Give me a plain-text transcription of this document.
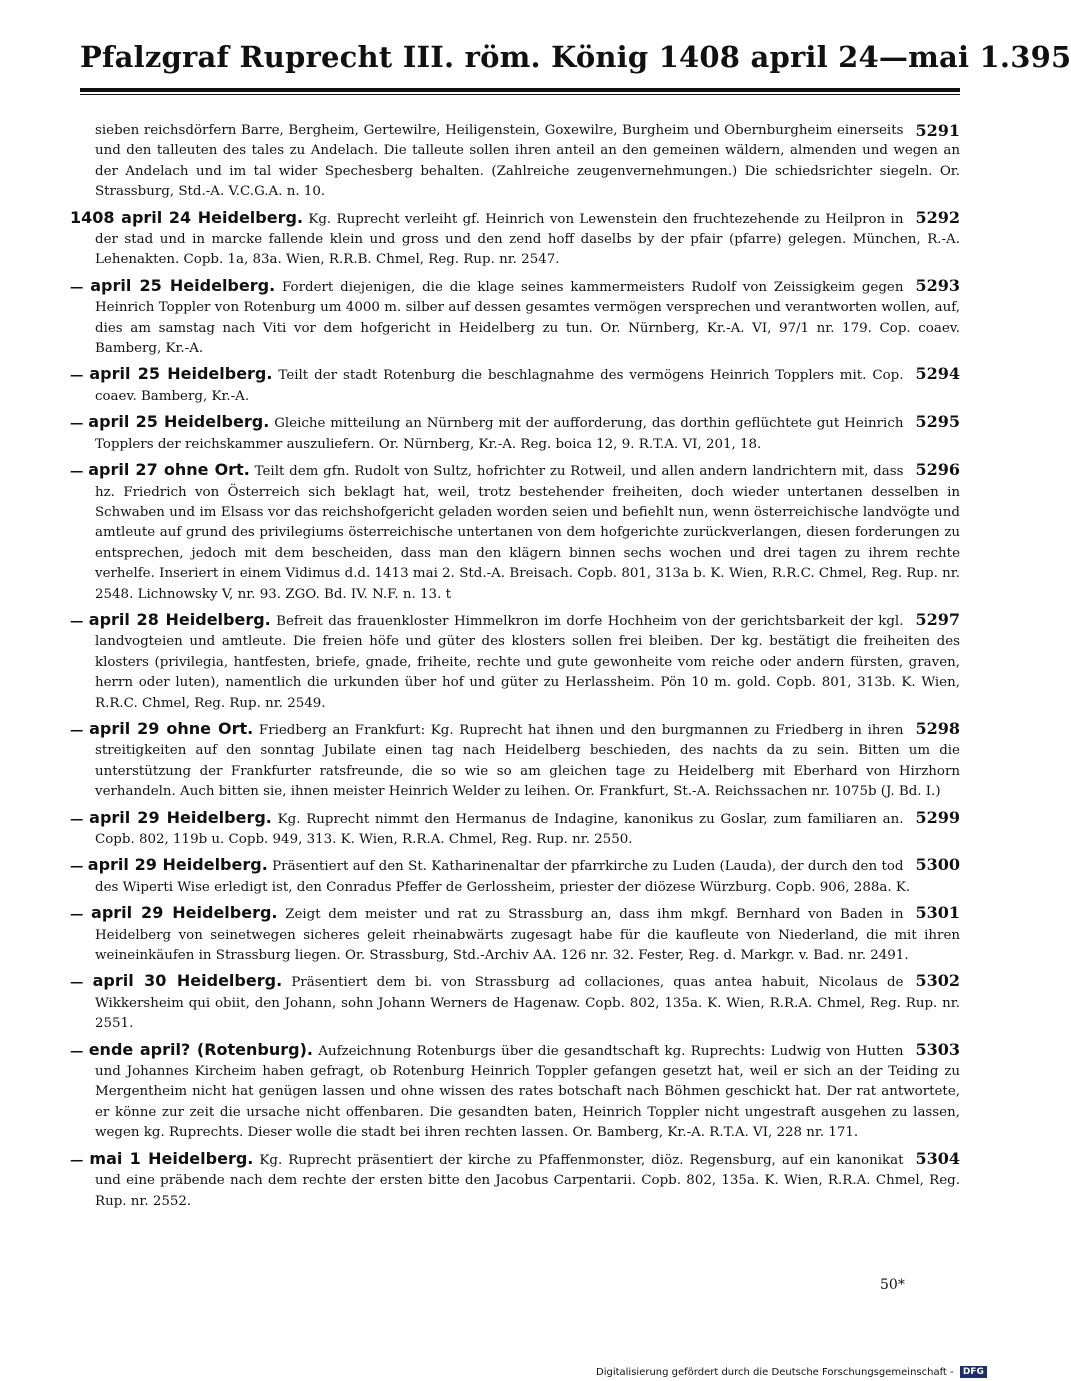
Pfalzgraf Ruprecht III. röm. König 1408 april 24—mai 1. 395
5291
sieben reichsdörfern Barre, Bergheim, Gertewilre, Heiligenstein, Goxewilre, Burgheim und Obernburgheim einerseits und den talleuten des tales zu Andelach. Die talleute sollen ihren anteil an den gemeinen wäldern, almenden und wegen an der Andelach und im tal wider Spechesberg behalten. (Zahlreiche zeugenvernehmungen.) Die schiedsrichter siegeln. Or. Strassburg, Std.-A. V.C.G.A. n. 10.
5292
1408 april 24 Heidelberg. Kg. Ruprecht verleiht gf. Heinrich von Lewenstein den fruchtezehende zu Heilpron in der stad und in marcke fallende klein und gross und den zend hoff daselbs by der pfair (pfarre) gelegen. München, R.-A. Lehenakten. Copb. 1a, 83a. Wien, R.R.B. Chmel, Reg. Rup. nr. 2547.
5293
— april 25 Heidelberg. Fordert diejenigen, die die klage seines kammermeisters Rudolf von Zeissigkeim gegen Heinrich Toppler von Rotenburg um 4000 m. silber auf dessen gesamtes vermögen versprechen und verantworten wollen, auf, dies am samstag nach Viti vor dem hofgericht in Heidelberg zu tun. Or. Nürnberg, Kr.-A. VI, 97/1 nr. 179. Cop. coaev. Bamberg, Kr.-A.
5294
— april 25 Heidelberg. Teilt der stadt Rotenburg die beschlagnahme des vermögens Heinrich Topplers mit. Cop. coaev. Bamberg, Kr.-A.
5295
— april 25 Heidelberg. Gleiche mitteilung an Nürnberg mit der aufforderung, das dorthin geflüchtete gut Heinrich Topplers der reichskammer auszuliefern. Or. Nürnberg, Kr.-A. Reg. boica 12, 9. R.T.A. VI, 201, 18.
5296
— april 27 ohne Ort. Teilt dem gfn. Rudolt von Sultz, hofrichter zu Rotweil, und allen andern landrichtern mit, dass hz. Friedrich von Österreich sich beklagt hat, weil, trotz bestehender freiheiten, doch wieder untertanen desselben in Schwaben und im Elsass vor das reichshofgericht geladen worden seien und befiehlt nun, wenn österreichische landvögte und amtleute auf grund des privilegiums österreichische untertanen von dem hofgerichte zurückverlangen, diesen forderungen zu entsprechen, jedoch mit dem bescheiden, dass man den klägern binnen sechs wochen und drei tagen zu ihrem rechte verhelfe. Inseriert in einem Vidimus d.d. 1413 mai 2. Std.-A. Breisach. Copb. 801, 313a b. K. Wien, R.R.C. Chmel, Reg. Rup. nr. 2548. Lichnowsky V, nr. 93. ZGO. Bd. IV. N.F. n. 13. t
5297
— april 28 Heidelberg. Befreit das frauenkloster Himmelkron im dorfe Hochheim von der gerichtsbarkeit der kgl. landvogteien und amtleute. Die freien höfe und güter des klosters sollen frei bleiben. Der kg. bestätigt die freiheiten des klosters (privilegia, hantfesten, briefe, gnade, friheite, rechte und gute gewonheite vom reiche oder andern fürsten, graven, herrn oder luten), namentlich die urkunden über hof und güter zu Herlassheim. Pön 10 m. gold. Copb. 801, 313b. K. Wien, R.R.C. Chmel, Reg. Rup. nr. 2549.
5298
— april 29 ohne Ort. Friedberg an Frankfurt: Kg. Ruprecht hat ihnen und den burgmannen zu Friedberg in ihren streitigkeiten auf den sonntag Jubilate einen tag nach Heidelberg beschieden, des nachts da zu sein. Bitten um die unterstützung der Frankfurter ratsfreunde, die so wie so am gleichen tage zu Heidelberg mit Eberhard von Hirzhorn verhandeln. Auch bitten sie, ihnen meister Heinrich Welder zu leihen. Or. Frankfurt, St.-A. Reichssachen nr. 1075b (J. Bd. I.)
5299
— april 29 Heidelberg. Kg. Ruprecht nimmt den Hermanus de Indagine, kanonikus zu Goslar, zum familiaren an. Copb. 802, 119b u. Copb. 949, 313. K. Wien, R.R.A. Chmel, Reg. Rup. nr. 2550.
5300
— april 29 Heidelberg. Präsentiert auf den St. Katharinenaltar der pfarrkirche zu Luden (Lauda), der durch den tod des Wiperti Wise erledigt ist, den Conradus Pfeffer de Gerlossheim, priester der diözese Würzburg. Copb. 906, 288a. K.
5301
— april 29 Heidelberg. Zeigt dem meister und rat zu Strassburg an, dass ihm mkgf. Bernhard von Baden in Heidelberg von seinetwegen sicheres geleit rheinabwärts zugesagt habe für die kaufleute von Niederland, die mit ihren weineinkäufen in Strassburg liegen. Or. Strassburg, Std.-Archiv AA. 126 nr. 32. Fester, Reg. d. Markgr. v. Bad. nr. 2491.
5302
— april 30 Heidelberg. Präsentiert dem bi. von Strassburg ad collaciones, quas antea habuit, Nicolaus de Wikkersheim qui obiit, den Johann, sohn Johann Werners de Hagenaw. Copb. 802, 135a. K. Wien, R.R.A. Chmel, Reg. Rup. nr. 2551.
5303
— ende april? (Rotenburg). Aufzeichnung Rotenburgs über die gesandtschaft kg. Ruprechts: Ludwig von Hutten und Johannes Kircheim haben gefragt, ob Rotenburg Heinrich Toppler gefangen gesetzt hat, weil er sich an der Teiding zu Mergentheim nicht hat genügen lassen und ohne wissen des rates botschaft nach Böhmen geschickt hat. Der rat antwortete, er könne zur zeit die ursache nicht offenbaren. Die gesandten baten, Heinrich Toppler nicht ungestraft ausgehen zu lassen, wegen kg. Ruprechts. Dieser wolle die stadt bei ihren rechten lassen. Or. Bamberg, Kr.-A. R.T.A. VI, 228 nr. 171.
5304
— mai 1 Heidelberg. Kg. Ruprecht präsentiert der kirche zu Pfaffenmonster, diöz. Regensburg, auf ein kanonikat und eine präbende nach dem rechte der ersten bitte den Jacobus Carpentarii. Copb. 802, 135a. K. Wien, R.R.A. Chmel, Reg. Rup. nr. 2552.
50*
Digitalisierung gefördert durch die Deutsche Forschungsgemeinschaft - DFG
